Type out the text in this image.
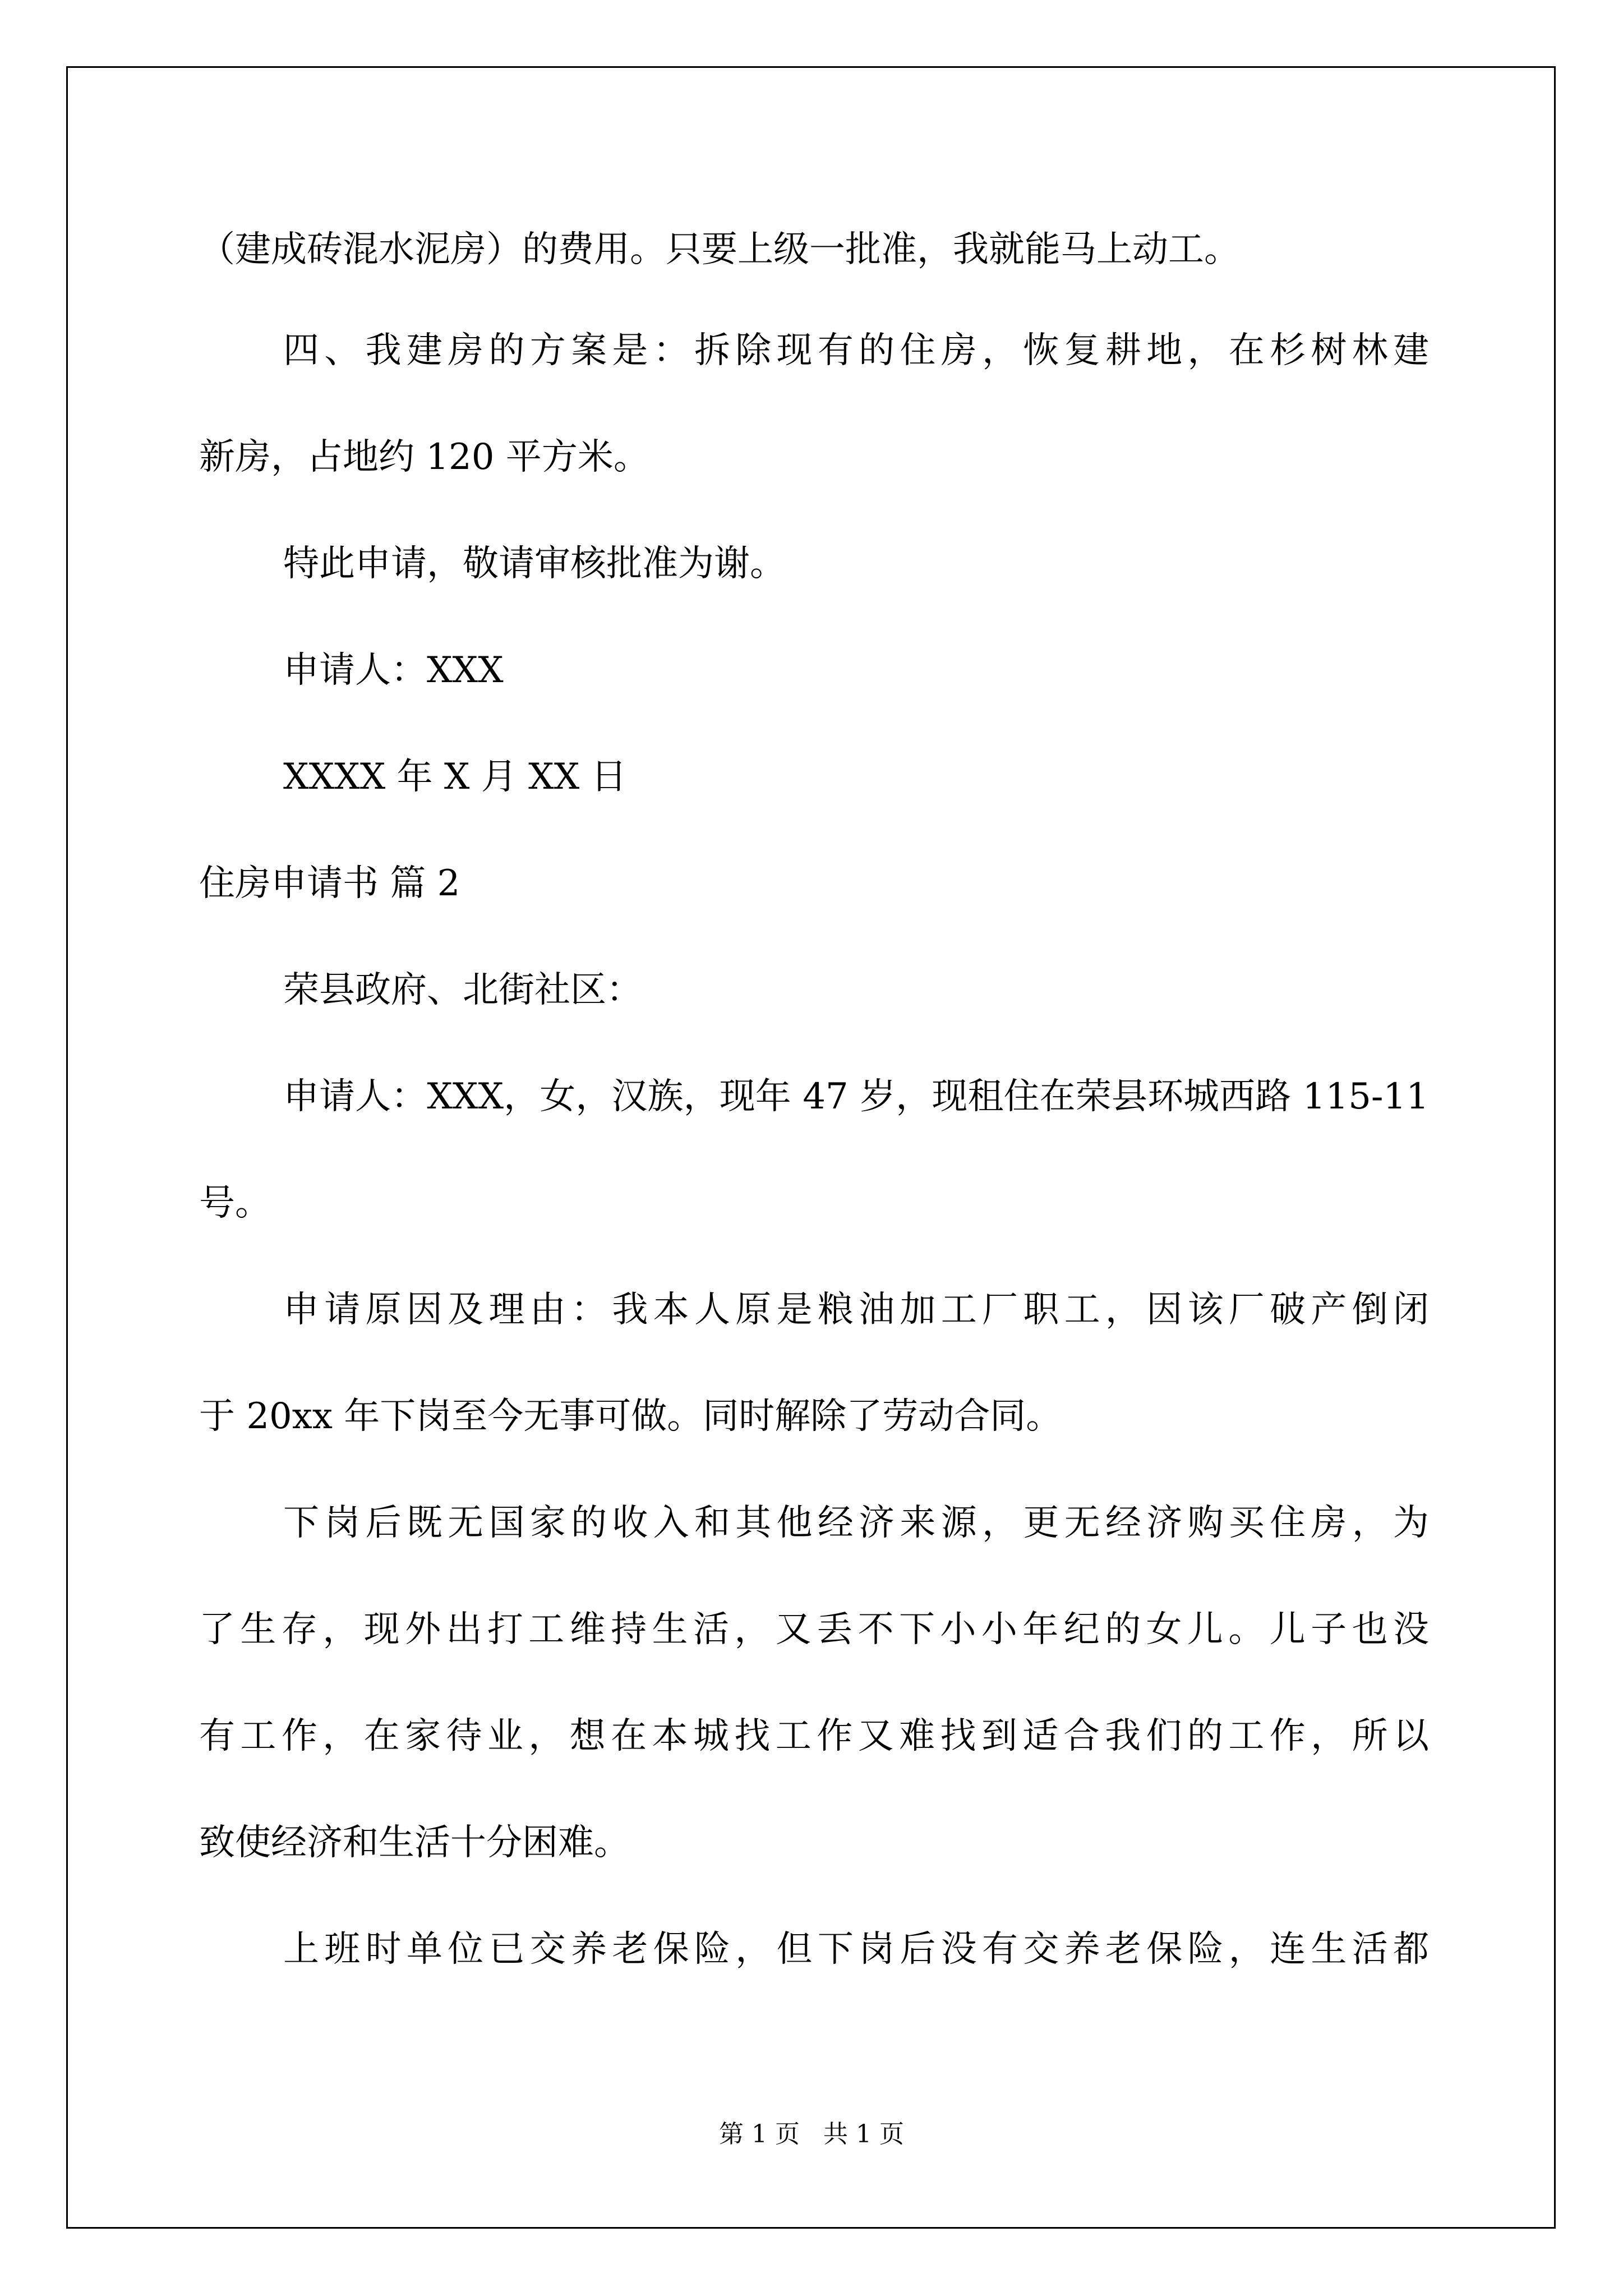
（建成砖混水泥房）的费用。只要上级一批准，我就能马上动工。
四、我建房的方案是：拆除现有的住房，恢复耕地，在杉树林建
新房，占地约 120 平方米。
特此申请，敬请审核批准为谢。
申请人：XXX
XXXX 年 X 月 XX 日
住房申请书 篇 2
荣县政府、北街社区：
申请人：XXX，女，汉族，现年 47 岁，现租住在荣县环城西路 115-11
号。
申请原因及理由：我本人原是粮油加工厂职工，因该厂破产倒闭
于 20xx 年下岗至今无事可做。同时解除了劳动合同。
下岗后既无国家的收入和其他经济来源，更无经济购买住房，为
了生存，现外出打工维持生活，又丢不下小小年纪的女儿。儿子也没
有工作，在家待业，想在本城找工作又难找到适合我们的工作，所以
致使经济和生活十分困难。
上班时单位已交养老保险，但下岗后没有交养老保险，连生活都
第 1 页   共 1 页
